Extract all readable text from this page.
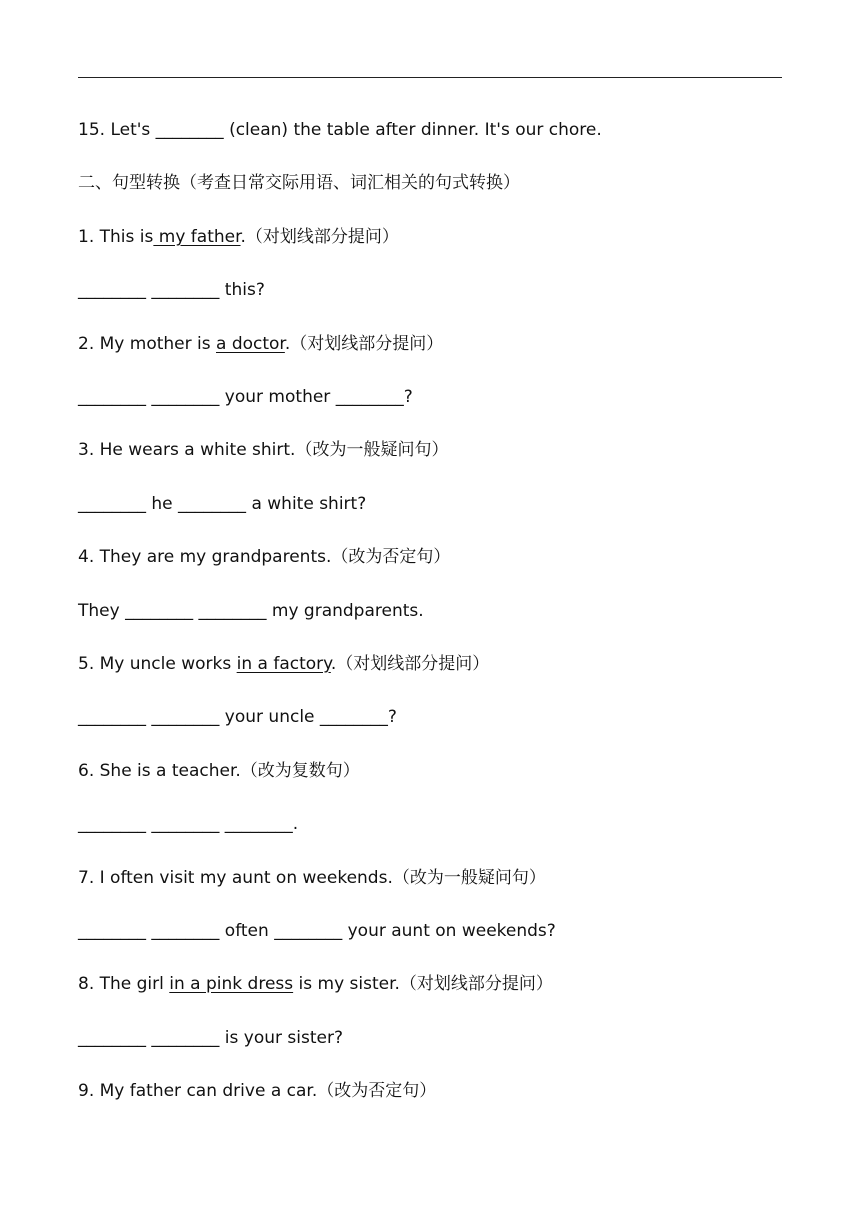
15. Let's ________ (clean) the table after dinner. It's our chore.
二、句型转换（考查日常交际用语、词汇相关的句式转换）
1. This is my father.（对划线部分提问）
________ ________ this?
2. My mother is a doctor.（对划线部分提问）
________ ________ your mother ________?
3. He wears a white shirt.（改为一般疑问句）
________ he ________ a white shirt?
4. They are my grandparents.（改为否定句）
They ________ ________ my grandparents.
5. My uncle works in a factory.（对划线部分提问）
________ ________ your uncle ________?
6. She is a teacher.（改为复数句）
________ ________ ________.
7. I often visit my aunt on weekends.（改为一般疑问句）
________ ________ often ________ your aunt on weekends?
8. The girl in a pink dress is my sister.（对划线部分提问）
________ ________ is your sister?
9. My father can drive a car.（改为否定句）
